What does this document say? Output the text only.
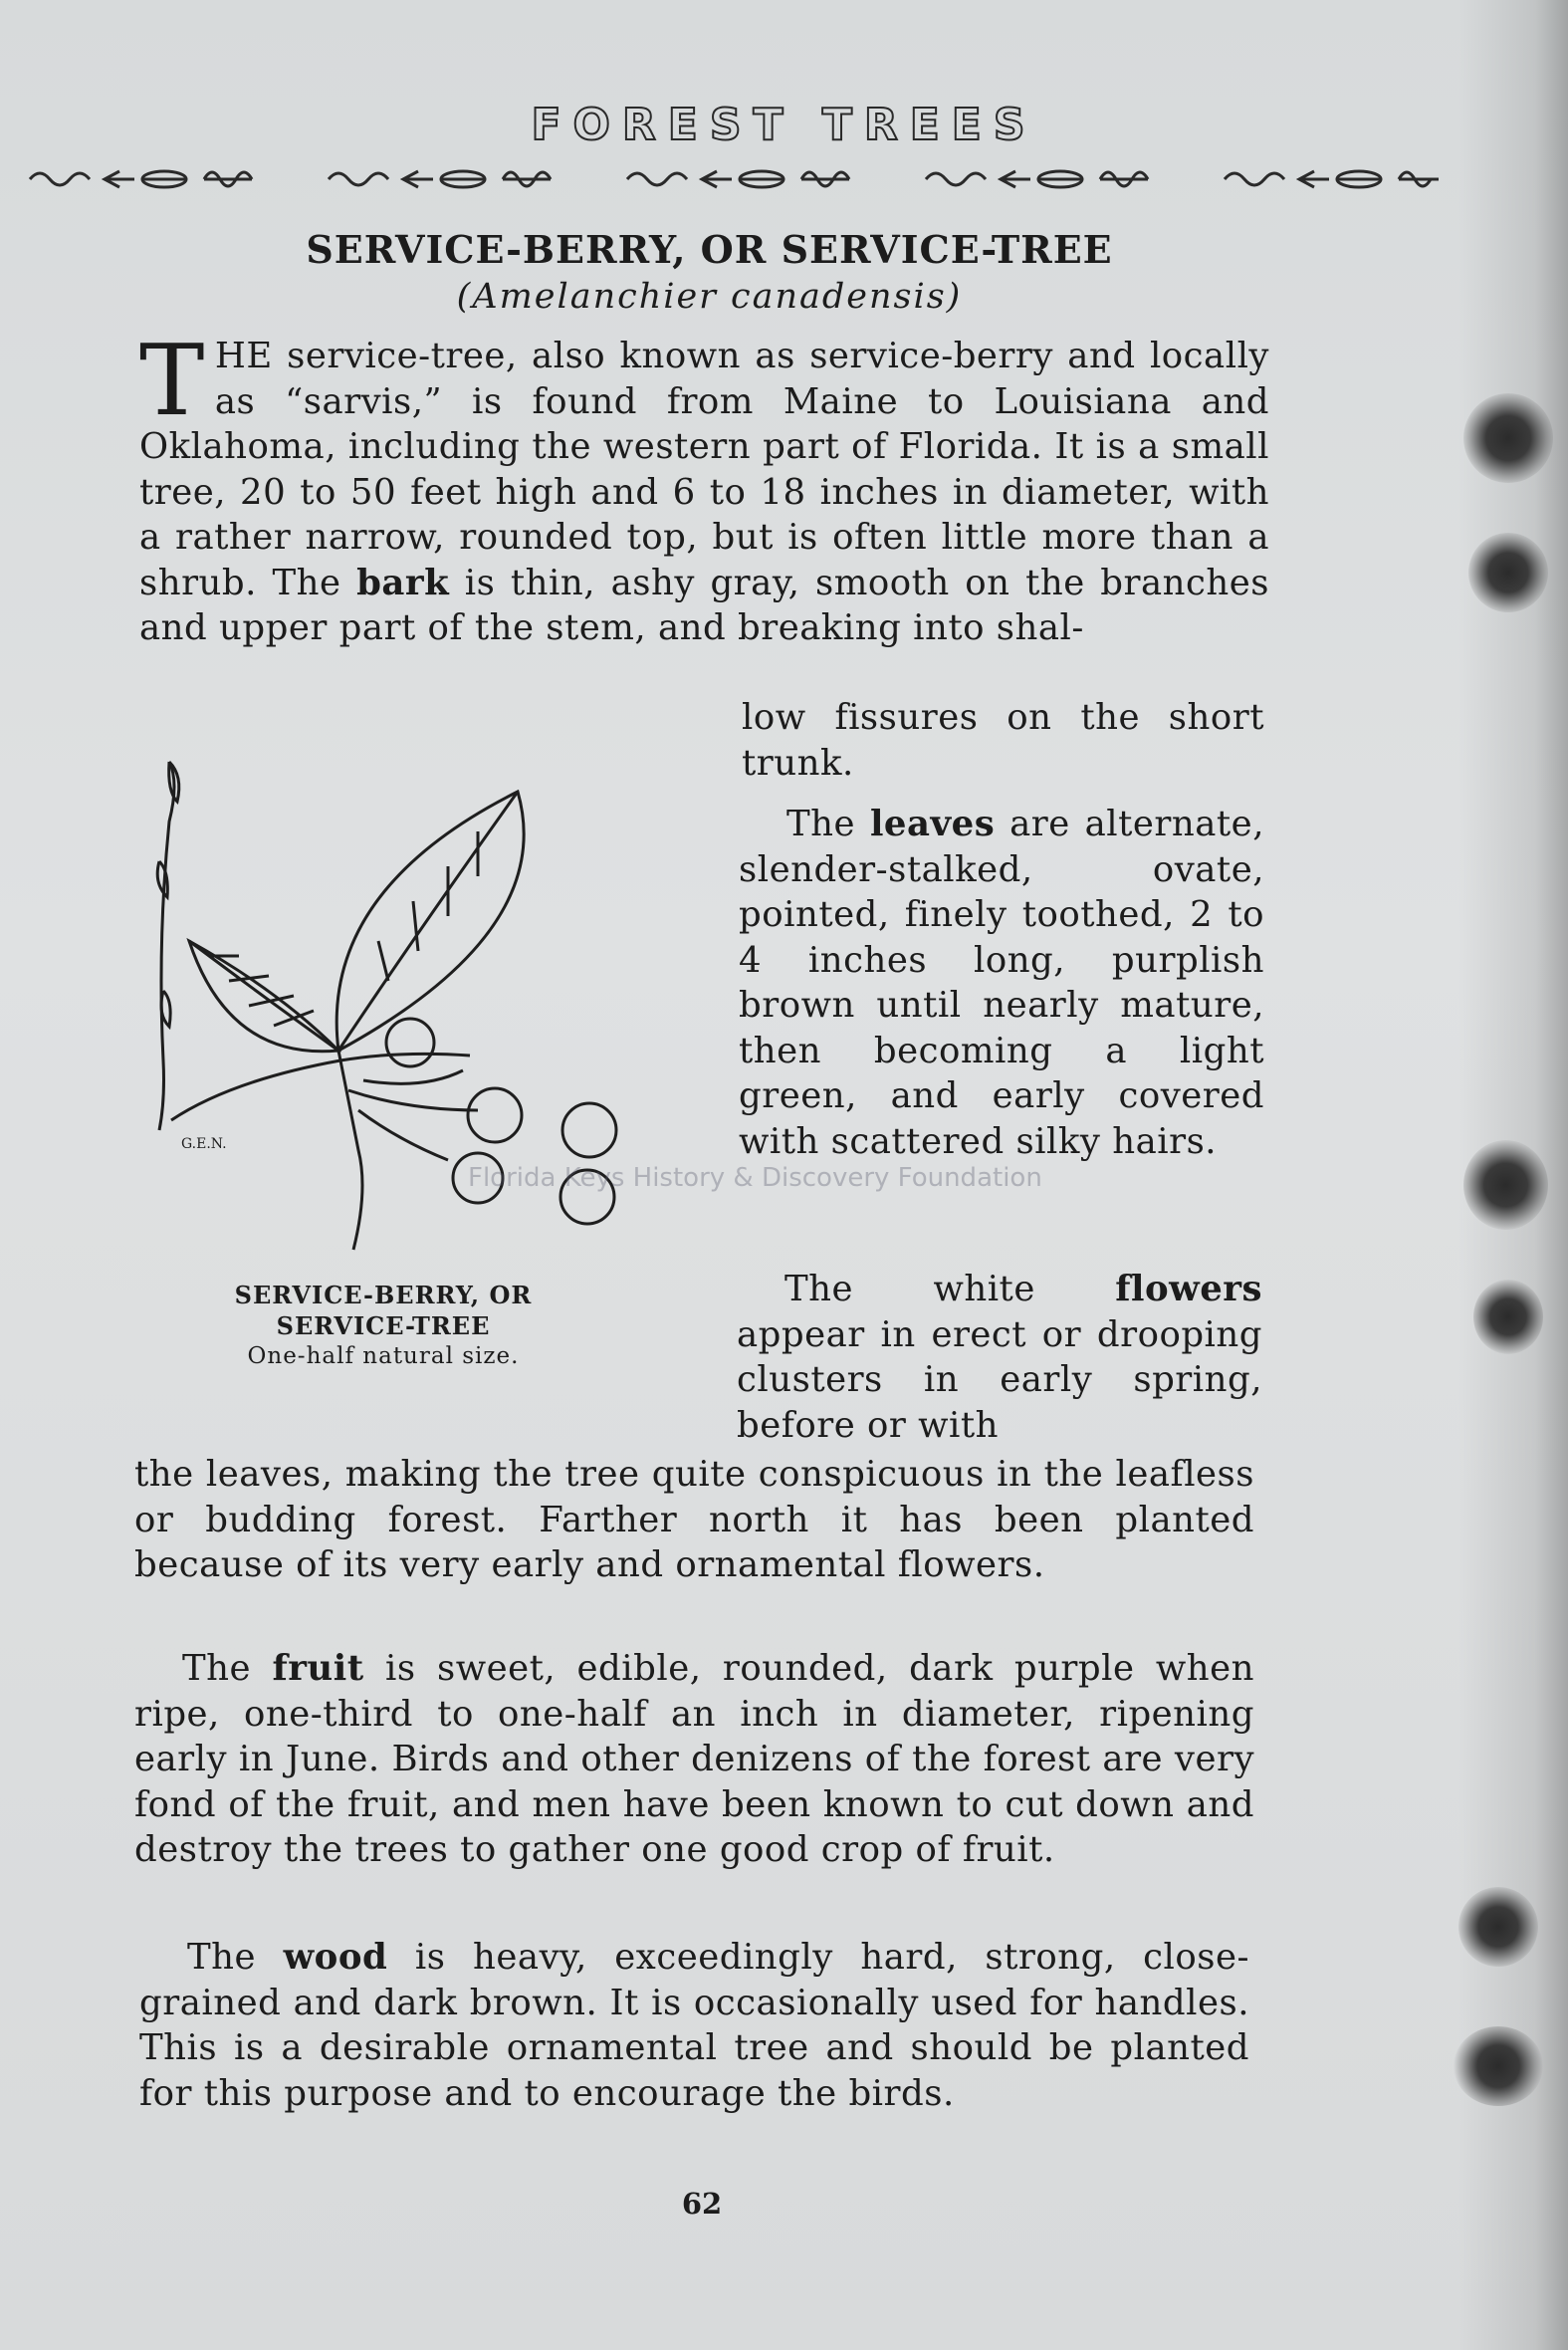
FOREST TREES
SERVICE-BERRY, OR SERVICE-TREE
(Amelanchier canadensis)
THE service-tree, also known as service-berry and locally as “sarvis,” is found from Maine to Louisiana and Oklahoma, including the western part of Florida. It is a small tree, 20 to 50 feet high and 6 to 18 inches in diameter, with a rather narrow, rounded top, but is often little more than a shrub. The bark is thin, ashy gray, smooth on the branches and upper part of the stem, and breaking into shal-
low fissures on the short trunk.
The leaves are alternate, slender-stalked, ovate, pointed, finely toothed, 2 to 4 inches long, purplish brown until nearly mature, then becoming a light green, and early covered with scattered silky hairs.
G.E.N.
SERVICE-BERRY, OR
SERVICE-TREE
One-half natural size.
Florida Keys History & Discovery Foundation
The white flowers appear in erect or drooping clusters in early spring, before or with
the leaves, making the tree quite conspicuous in the leafless or budding forest. Farther north it has been planted because of its very early and ornamental flowers.
The fruit is sweet, edible, rounded, dark purple when ripe, one-third to one-half an inch in diameter, ripening early in June. Birds and other denizens of the forest are very fond of the fruit, and men have been known to cut down and destroy the trees to gather one good crop of fruit.
The wood is heavy, exceedingly hard, strong, close-grained and dark brown. It is occasionally used for handles. This is a desirable ornamental tree and should be planted for this purpose and to encourage the birds.
62
